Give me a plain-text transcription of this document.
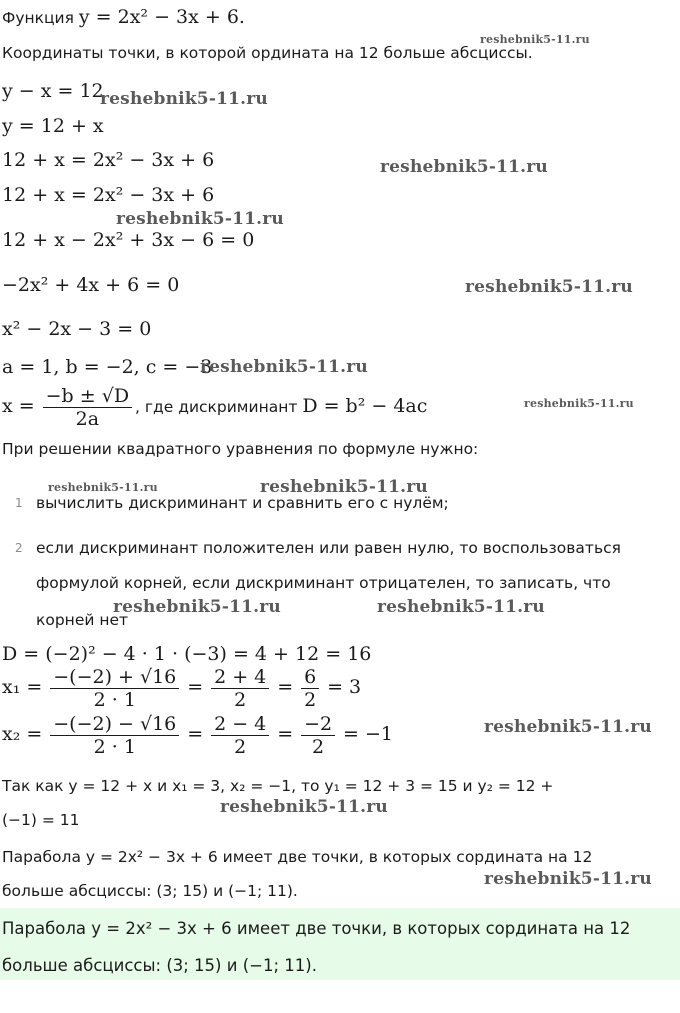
Функция y = 2x² − 3x + 6.
Координаты точки, в которой ордината на 12 больше абсциссы.
y − x = 12
y = 12 + x
12 + x = 2x² − 3x + 6
12 + x = 2x² − 3x + 6
12 + x − 2x² + 3x − 6 = 0
−2x² + 4x + 6 = 0
x² − 2x − 3 = 0
a = 1, b = −2, c = −3
$x = \frac{-b \pm √D}{2a}$ , где дискриминант D = b² − 4ac
При решении квадратного уравнения по формуле нужно:
1 вычислить дискриминант и сравнить его с нулём;
2 если дискриминант положителен или равен нулю, то воспользоваться
формулой корней, если дискриминант отрицателен, то записать, что
корней нет
D = (−2)² − 4 · 1 · (−3) = 4 + 12 = 16
$x_1 = \frac{-(-2) + √16}{2 \cdot 1} = \frac{2 + 4}{2} = \frac{6}{2} = 3$
$x_2 = \frac{-(-2) - √16}{2 \cdot 1} = \frac{2 - 4}{2} = \frac{-2}{2} = -1$
Так как y = 12 + x и x₁ = 3, x₂ = −1, то y₁ = 12 + 3 = 15 и y₂ = 12 +
(−1) = 11
Парабола y = 2x² − 3x + 6 имеет две точки, в которых сордината на 12
больше абсциссы: (3; 15) и (−1; 11).
Парабола y = 2x² − 3x + 6 имеет две точки, в которых сордината на 12
больше абсциссы: (3; 15) и (−1; 11).
reshebnik5-11.ru
reshebnik5-11.ru
reshebnik5-11.ru
reshebnik5-11.ru
reshebnik5-11.ru
reshebnik5-11.ru
reshebnik5-11.ru
reshebnik5-11.ru	reshebnik5-11.ru
reshebnik5-11.ru	reshebnik5-11.ru
reshebnik5-11.ru
reshebnik5-11.ru
reshebnik5-11.ru
